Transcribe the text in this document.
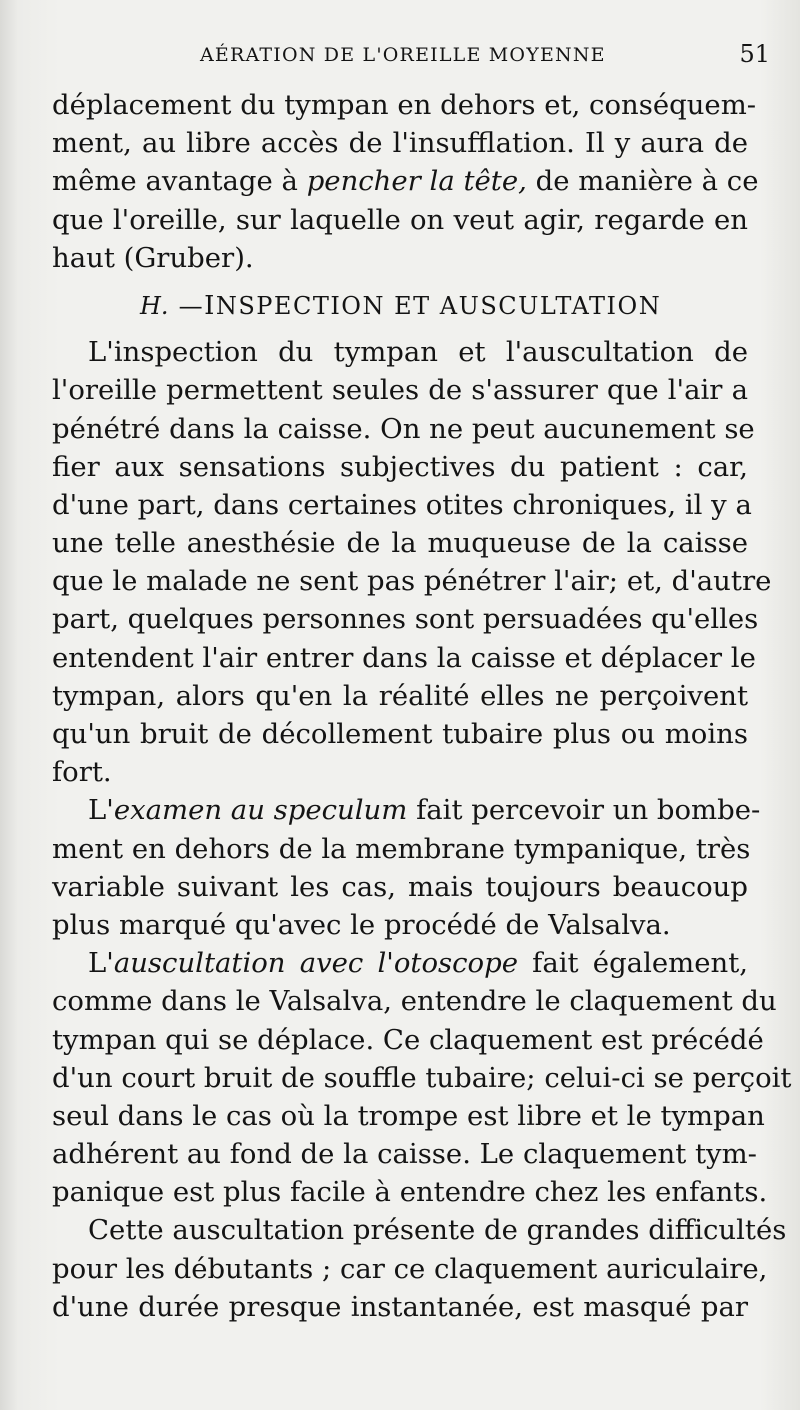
AÉRATION DE L'OREILLE MOYENNE	51
déplacement du tympan en dehors et, conséquem-
ment, au libre accès de l'insufflation. Il y aura de
même avantage à pencher la tête, de manière à ce
que l'oreille, sur laquelle on veut agir, regarde en
haut (Gruber).
H. —INSPECTION ET AUSCULTATION
L'inspection du tympan et l'auscultation de
l'oreille permettent seules de s'assurer que l'air a
pénétré dans la caisse. On ne peut aucunement se
fier aux sensations subjectives du patient : car,
d'une part, dans certaines otites chroniques, il y a
une telle anesthésie de la muqueuse de la caisse
que le malade ne sent pas pénétrer l'air; et, d'autre
part, quelques personnes sont persuadées qu'elles
entendent l'air entrer dans la caisse et déplacer le
tympan, alors qu'en la réalité elles ne perçoivent
qu'un bruit de décollement tubaire plus ou moins
fort.
L'examen au speculum fait percevoir un bombe-
ment en dehors de la membrane tympanique, très
variable suivant les cas, mais toujours beaucoup
plus marqué qu'avec le procédé de Valsalva.
L'auscultation avec l'otoscope fait également,
comme dans le Valsalva, entendre le claquement du
tympan qui se déplace. Ce claquement est précédé
d'un court bruit de souffle tubaire; celui-ci se perçoit
seul dans le cas où la trompe est libre et le tympan
adhérent au fond de la caisse. Le claquement tym-
panique est plus facile à entendre chez les enfants.
Cette auscultation présente de grandes difficultés
pour les débutants ; car ce claquement auriculaire,
d'une durée presque instantanée, est masqué par
